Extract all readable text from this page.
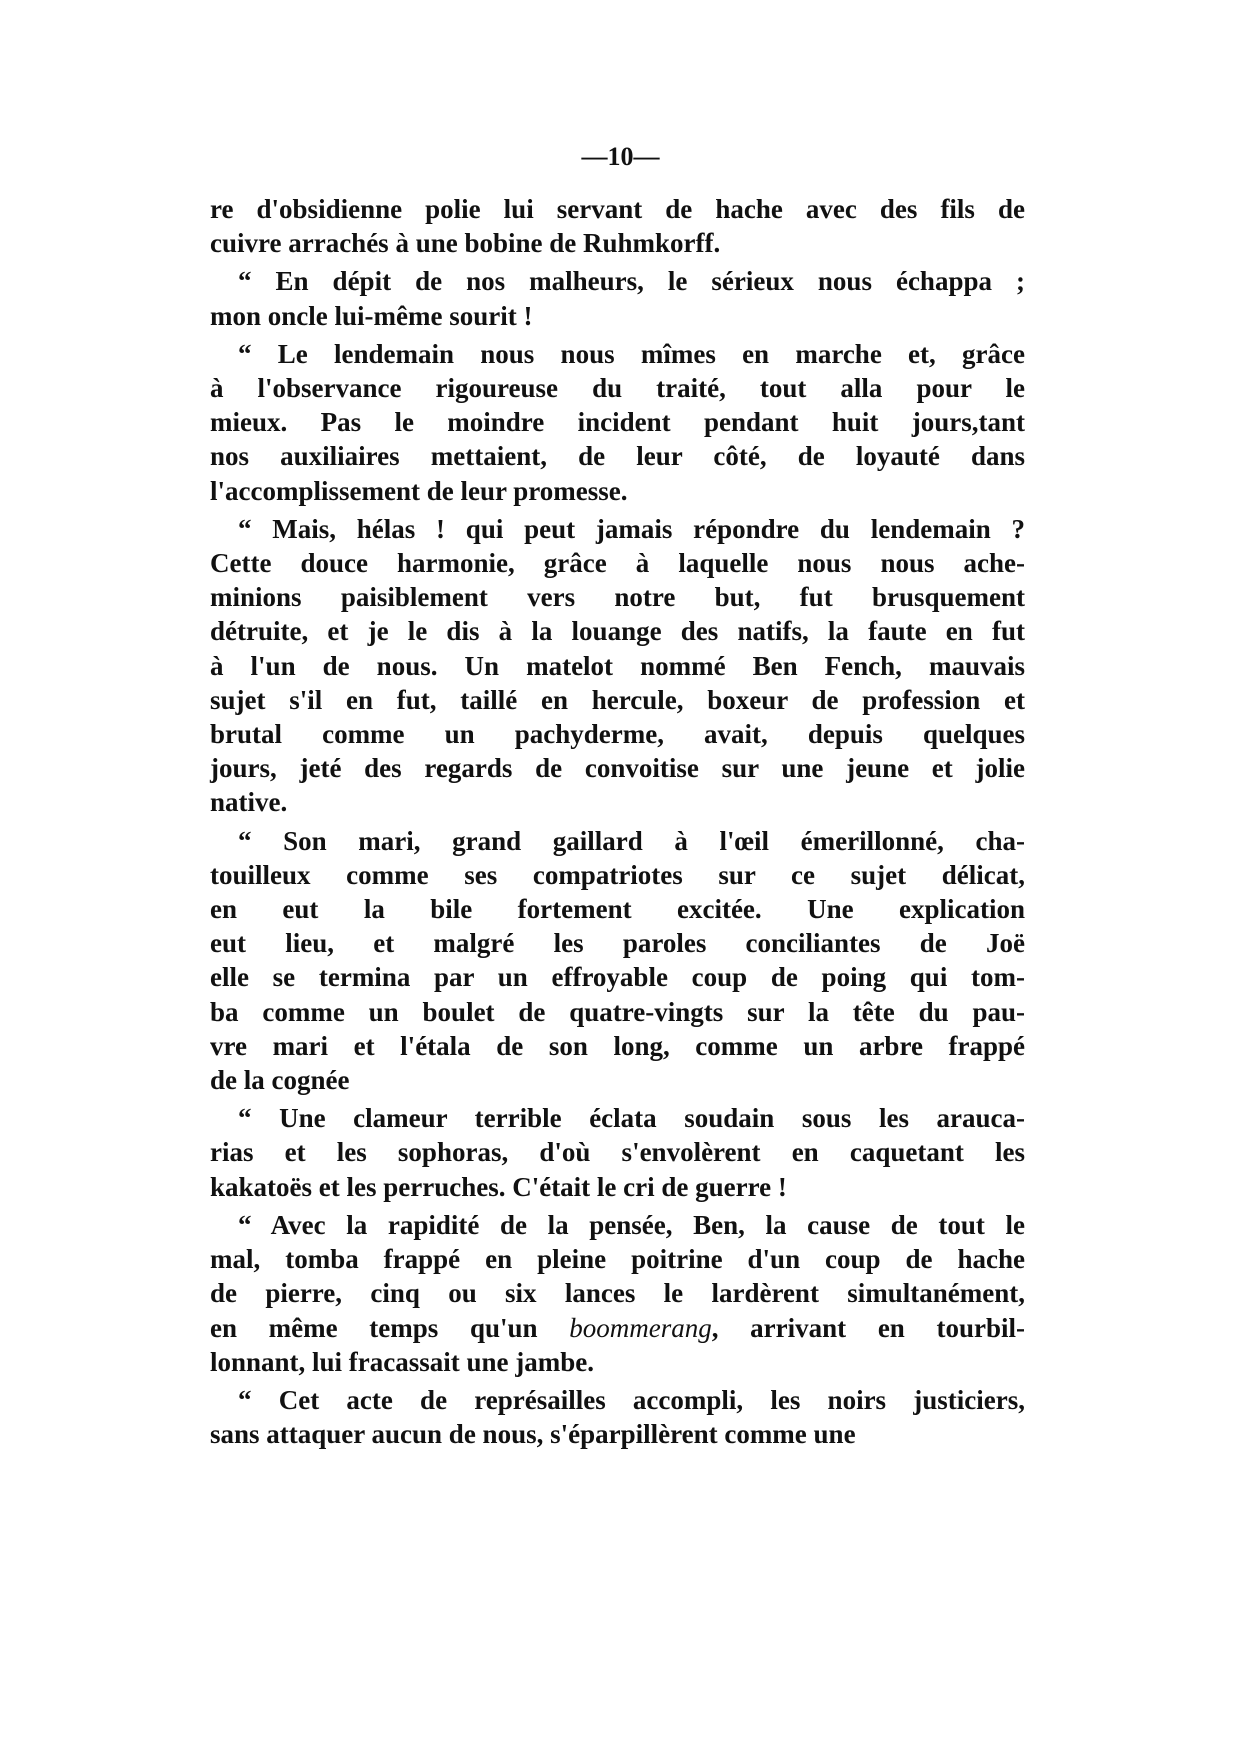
—10—
re d'obsidienne polie lui servant de hache avec des fils de
cuivre arrachés à une bobine de Ruhmkorff.
“ En dépit de nos malheurs, le sérieux nous échappa ;
mon oncle lui-même sourit !
“ Le lendemain nous nous mîmes en marche et, grâce
à l'observance rigoureuse du traité, tout alla pour le
mieux. Pas le moindre incident pendant huit jours,tant
nos auxiliaires mettaient, de leur côté, de loyauté dans
l'accomplissement de leur promesse.
“ Mais, hélas ! qui peut jamais répondre du lendemain ?
Cette douce harmonie, grâce à laquelle nous nous ache-
minions paisiblement vers notre but, fut brusquement
détruite, et je le dis à la louange des natifs, la faute en fut
à l'un de nous. Un matelot nommé Ben Fench, mauvais
sujet s'il en fut, taillé en hercule, boxeur de profession et
brutal comme un pachyderme, avait, depuis quelques
jours, jeté des regards de convoitise sur une jeune et jolie
native.
“ Son mari, grand gaillard à l'œil émerillonné, cha-
touilleux comme ses compatriotes sur ce sujet délicat,
en eut la bile fortement excitée. Une explication
eut lieu, et malgré les paroles conciliantes de Joë
elle se termina par un effroyable coup de poing qui tom-
ba comme un boulet de quatre-vingts sur la tête du pau-
vre mari et l'étala de son long, comme un arbre frappé
de la cognée
“ Une clameur terrible éclata soudain sous les arauca-
rias et les sophoras, d'où s'envolèrent en caquetant les
kakatoës et les perruches. C'était le cri de guerre !
“ Avec la rapidité de la pensée, Ben, la cause de tout le
mal, tomba frappé en pleine poitrine d'un coup de hache
de pierre, cinq ou six lances le lardèrent simultanément,
en même temps qu'un boommerang, arrivant en tourbil-
lonnant, lui fracassait une jambe.
“ Cet acte de représailles accompli, les noirs justiciers,
sans attaquer aucun de nous, s'éparpillèrent comme une
